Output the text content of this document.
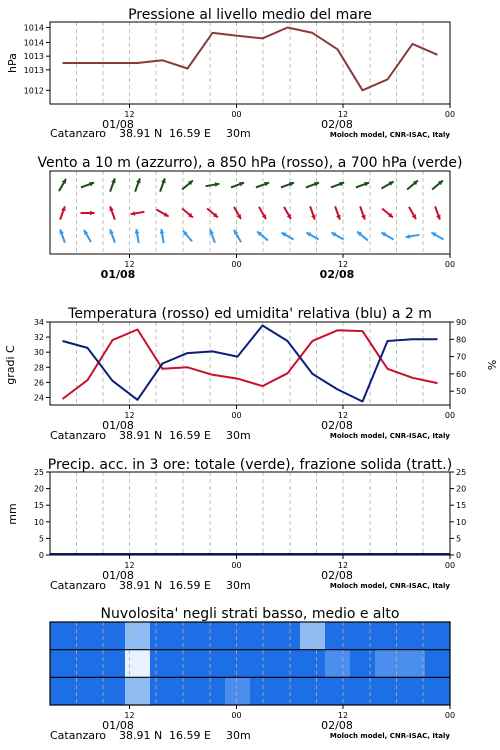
Pressione al livello medio del mare
hPa
1012
1013
1013
1014
1014
12	00	12	00
01/08	02/08
Catanzaro 38.91 N 16.59 E 30m	Moloch model, CNR-ISAC, Italy
Vento a 10 m (azzurro), a 850 hPa (rosso), a 700 hPa (verde)
12	00	12	00
01/08	02/08
Temperatura (rosso) ed umidita' relativa (blu) a 2 m
gradi C	%
24
26
28
30
32
34
50
60
70
80
90
12	00	12	00
01/08	02/08
Catanzaro 38.91 N 16.59 E 30m	Moloch model, CNR-ISAC, Italy
Precip. acc. in 3 ore: totale (verde), frazione solida (tratt.)
mm
0
5
10
15
20
25
0
5
10
15
20
25
12	00	12	00
01/08	02/08
Catanzaro 38.91 N 16.59 E 30m	Moloch model, CNR-ISAC, Italy
Nuvolosita' negli strati basso, medio e alto
12	00	12	00
01/08	02/08
Catanzaro 38.91 N 16.59 E 30m	Moloch model, CNR-ISAC, Italy
